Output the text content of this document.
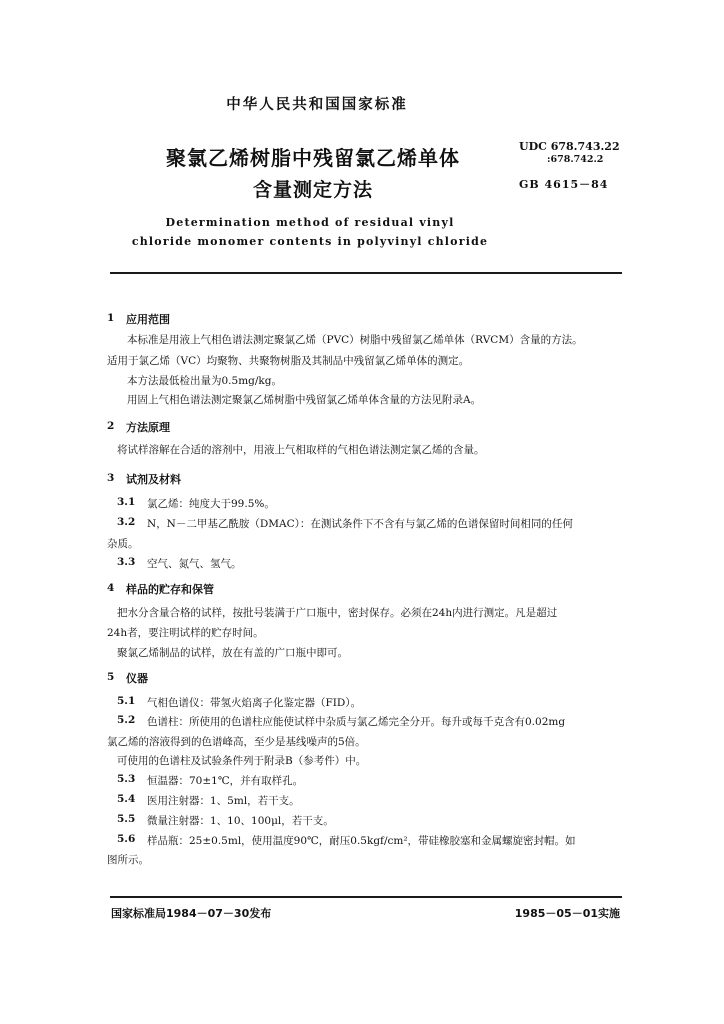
中华人民共和国国家标准
聚氯乙烯树脂中残留氯乙烯单体
含量测定方法
UDC 678.743.22
:678.742.2
GB 4615－84
Determination method of residual vinyl
chloride monomer contents in polyvinyl chloride
1 应用范围
本标准是用液上气相色谱法测定聚氯乙烯（PVC）树脂中残留氯乙烯单体（RVCM）含量的方法。
适用于氯乙烯（VC）均聚物、共聚物树脂及其制品中残留氯乙烯单体的测定。
本方法最低检出量为0.5mg/kg。
用固上气相色谱法测定聚氯乙烯树脂中残留氯乙烯单体含量的方法见附录A。
2 方法原理
将试样溶解在合适的溶剂中，用液上气相取样的气相色谱法测定氯乙烯的含量。
3 试剂及材料
3.1 氯乙烯：纯度大于99.5%。
3.2 N，N－二甲基乙酰胺（DMAC）：在测试条件下不含有与氯乙烯的色谱保留时间相同的任何
杂质。
3.3 空气、氮气、氢气。
4 样品的贮存和保管
把水分含量合格的试样，按批号装满于广口瓶中，密封保存。必须在24h内进行测定。凡是超过
24h者，要注明试样的贮存时间。
聚氯乙烯制品的试样，放在有盖的广口瓶中即可。
5 仪器
5.1 气相色谱仪：带氢火焰离子化鉴定器（FID）。
5.2 色谱柱：所使用的色谱柱应能使试样中杂质与氯乙烯完全分开。每升或每千克含有0.02mg
氯乙烯的溶液得到的色谱峰高，至少是基线噪声的5倍。
可使用的色谱柱及试验条件列于附录B（参考件）中。
5.3 恒温器：70±1℃，并有取样孔。
5.4 医用注射器：1、5ml，若干支。
5.5 微量注射器：1、10、100μl，若干支。
5.6 样品瓶：25±0.5ml，使用温度90℃，耐压0.5kgf/cm²，带硅橡胶塞和金属螺旋密封帽。如
图所示。
国家标准局1984－07－30发布	1985－05－01实施
